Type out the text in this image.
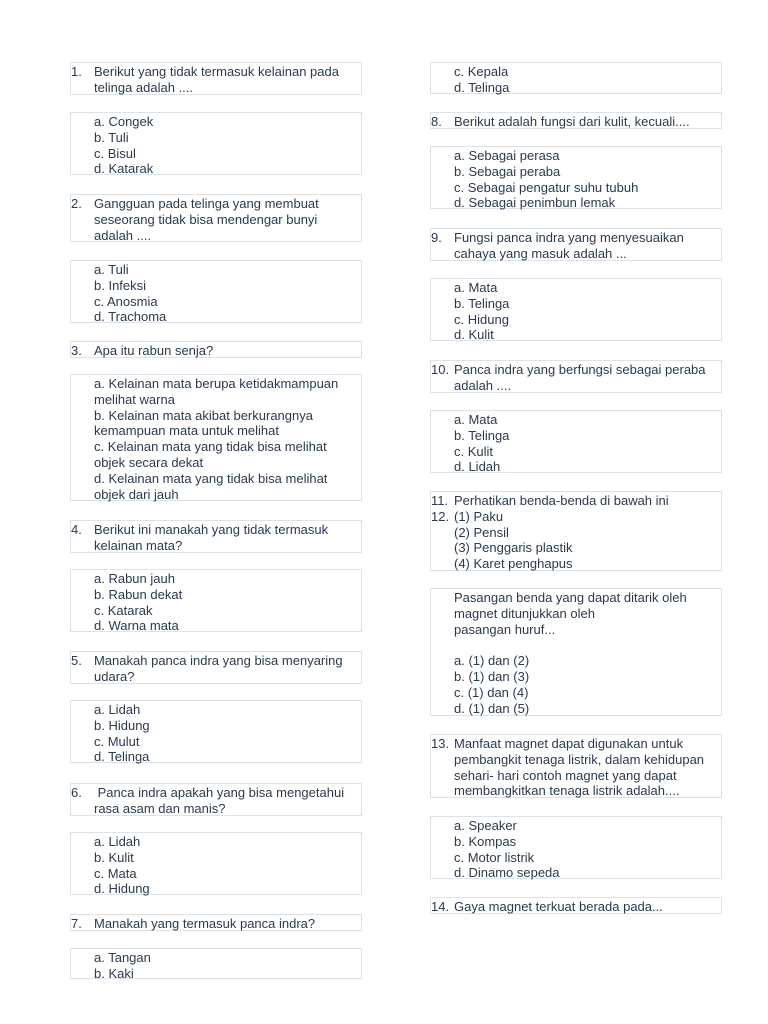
1. Berikut yang tidak termasuk kelainan pada telinga adalah ....
a. Congek
b. Tuli
c. Bisul
d. Katarak
2. Gangguan pada telinga yang membuat seseorang tidak bisa mendengar bunyi adalah ....
a. Tuli
b. Infeksi
c. Anosmia
d. Trachoma
3. Apa itu rabun senja?
a. Kelainan mata berupa ketidakmampuan melihat warna
b. Kelainan mata akibat berkurangnya kemampuan mata untuk melihat
c. Kelainan mata yang tidak bisa melihat objek secara dekat
d. Kelainan mata yang tidak bisa melihat objek dari jauh
4. Berikut ini manakah yang tidak termasuk kelainan mata?
a. Rabun jauh
b. Rabun dekat
c. Katarak
d. Warna mata
5. Manakah panca indra yang bisa menyaring udara?
a. Lidah
b. Hidung
c. Mulut
d. Telinga
6. Panca indra apakah yang bisa mengetahui rasa asam dan manis?
a. Lidah
b. Kulit
c. Mata
d. Hidung
7. Manakah yang termasuk panca indra?
a. Tangan
b. Kaki
c. Kepala
d. Telinga
8. Berikut adalah fungsi dari kulit, kecuali....
a. Sebagai perasa
b. Sebagai peraba
c. Sebagai pengatur suhu tubuh
d. Sebagai penimbun lemak
9. Fungsi panca indra yang menyesuaikan cahaya yang masuk adalah ...
a. Mata
b. Telinga
c. Hidung
d. Kulit
10. Panca indra yang berfungsi sebagai peraba adalah ....
a. Mata
b. Telinga
c. Kulit
d. Lidah
11. Perhatikan benda-benda di bawah ini
12. (1) Paku
(2) Pensil
(3) Penggaris plastik
(4) Karet penghapus
Pasangan benda yang dapat ditarik oleh magnet ditunjukkan oleh
pasangan huruf...

a. (1) dan (2)
b. (1) dan (3)
c. (1) dan (4)
d. (1) dan (5)
13. Manfaat magnet dapat digunakan untuk pembangkit tenaga listrik, dalam kehidupan sehari- hari contoh magnet yang dapat membangkitkan tenaga listrik adalah....
a. Speaker
b. Kompas
c. Motor listrik
d. Dinamo sepeda
14. Gaya magnet terkuat berada pada...
